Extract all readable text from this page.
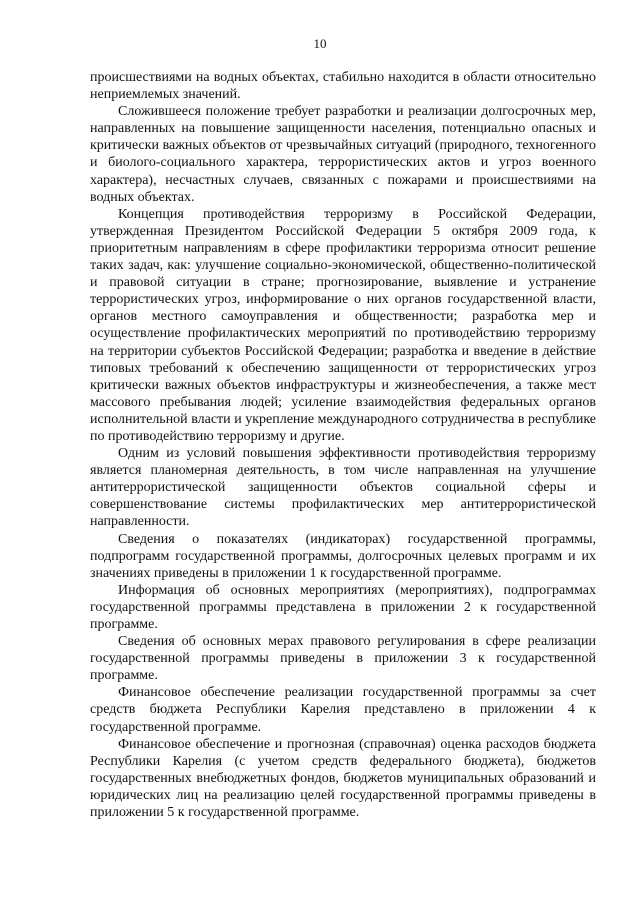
10

происшествиями на водных объектах, стабильно находится в области относительно неприемлемых значений.

Сложившееся положение требует разработки и реализации долгосрочных мер, направленных на повышение защищенности населения, потенциально опасных и критически важных объектов от чрезвычайных ситуаций (природного, техногенного и биолого-социального характера, террористических актов и угроз военного характера), несчастных случаев, связанных с пожарами и происшествиями на водных объектах.

Концепция противодействия терроризму в Российской Федерации, утвержденная Президентом Российской Федерации 5 октября 2009 года, к приоритетным направлениям в сфере профилактики терроризма относит решение таких задач, как: улучшение социально-экономической, общественно-политической и правовой ситуации в стране; прогнозирование, выявление и устранение террористических угроз, информирование о них органов государственной власти, органов местного самоуправления и общественности; разработка мер и осуществление профилактических мероприятий по противодействию терроризму на территории субъектов Российской Федерации; разработка и введение в действие типовых требований к обеспечению защищенности от террористических угроз критически важных объектов инфраструктуры и жизнеобеспечения, а также мест массового пребывания людей; усиление взаимодействия федеральных органов исполнительной власти и укрепление международного сотрудничества в республике по противодействию терроризму и другие.

Одним из условий повышения эффективности противодействия терроризму является планомерная деятельность, в том числе направленная на улучшение антитеррористической защищенности объектов социальной сферы и совершенствование системы профилактических мер антитеррористической направленности.

Сведения о показателях (индикаторах) государственной программы, подпрограмм государственной программы, долгосрочных целевых программ и их значениях приведены в приложении 1 к государственной программе.

Информация об основных мероприятиях (мероприятиях), подпрограммах государственной программы представлена в приложении 2 к государственной программе.

Сведения об основных мерах правового регулирования в сфере реализации государственной программы приведены в приложении 3 к государственной программе.

Финансовое обеспечение реализации государственной программы за счет средств бюджета Республики Карелия представлено в приложении 4 к государственной программе.

Финансовое обеспечение и прогнозная (справочная) оценка расходов бюджета Республики Карелия (с учетом средств федерального бюджета), бюджетов государственных внебюджетных фондов, бюджетов муниципальных образований и юридических лиц на реализацию целей государственной программы приведены в приложении 5 к государственной программе.
